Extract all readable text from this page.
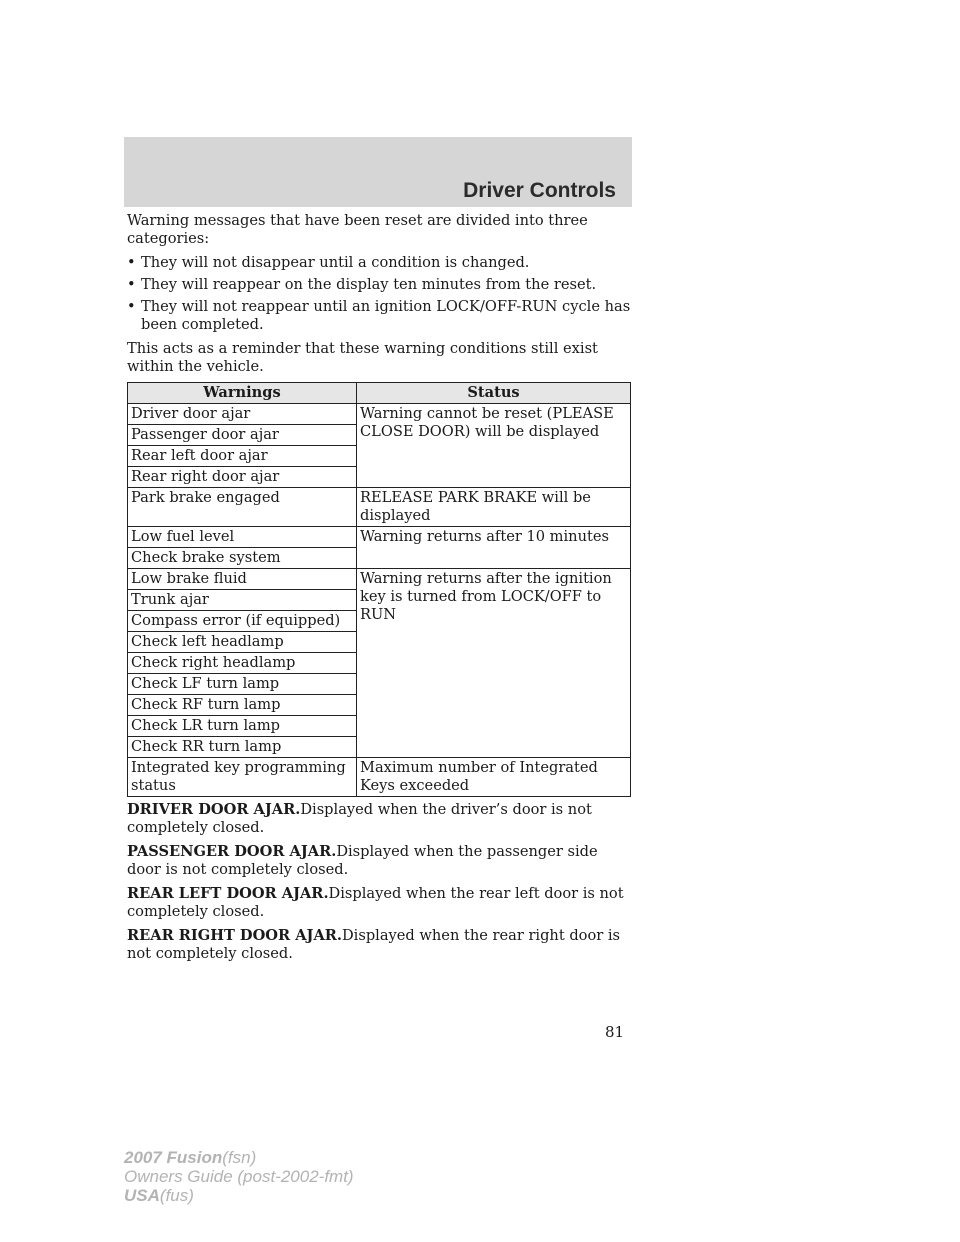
Driver Controls

Warning messages that have been reset are divided into three categories:

• They will not disappear until a condition is changed.
• They will reappear on the display ten minutes from the reset.
• They will not reappear until an ignition LOCK/OFF-RUN cycle has been completed.

This acts as a reminder that these warning conditions still exist within the vehicle.

Warnings	Status
Driver door ajar	Warning cannot be reset (PLEASE CLOSE DOOR) will be displayed
Passenger door ajar	
Rear left door ajar	
Rear right door ajar	
Park brake engaged	RELEASE PARK BRAKE will be displayed
Low fuel level	Warning returns after 10 minutes
Check brake system	
Low brake fluid	Warning returns after the ignition key is turned from LOCK/OFF to RUN
Trunk ajar	
Compass error (if equipped)	
Check left headlamp	
Check right headlamp	
Check LF turn lamp	
Check RF turn lamp	
Check LR turn lamp	
Check RR turn lamp	
Integrated key programming status	Maximum number of Integrated Keys exceeded

DRIVER DOOR AJAR.Displayed when the driver’s door is not completely closed.

PASSENGER DOOR AJAR.Displayed when the passenger side door is not completely closed.

REAR LEFT DOOR AJAR.Displayed when the rear left door is not completely closed.

REAR RIGHT DOOR AJAR.Displayed when the rear right door is not completely closed.

81
2007 Fusion(fsn)
Owners Guide (post-2002-fmt)
USA(fus)
